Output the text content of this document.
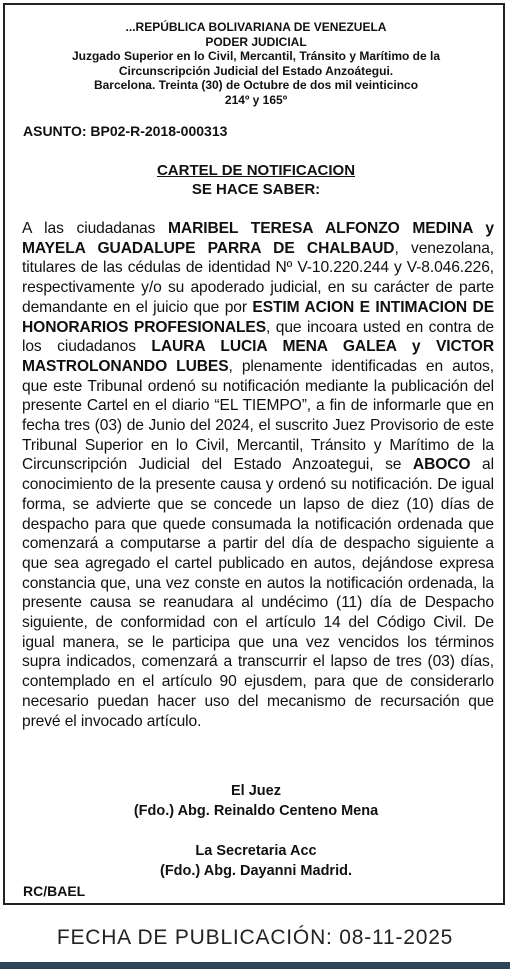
...REPÚBLICA BOLIVARIANA DE VENEZUELA
PODER JUDICIAL
Juzgado Superior en lo Civil, Mercantil, Tránsito y Marítimo de la
Circunscripción Judicial del Estado Anzoátegui.
Barcelona. Treinta (30) de Octubre de dos mil veinticinco
214º y 165º
ASUNTO: BP02-R-2018-000313
CARTEL DE NOTIFICACION
SE HACE SABER:
A las ciudadanas MARIBEL TERESA ALFONZO MEDINA y MAYELA GUADALUPE PARRA DE CHALBAUD, venezolana, titulares de las cédulas de identidad Nº V-10.220.244 y V-8.046.226, respectivamente y/o su apoderado judicial, en su carácter de parte demandante en el juicio que por ESTIM ACION E INTIMACION DE HONORARIOS PROFESIONALES, que incoara usted en contra de los ciudadanos LAURA LUCIA MENA GALEA y VICTOR MASTROLONANDO LUBES, plenamente identificadas en autos, que este Tribunal ordenó su notificación mediante la publicación del presente Cartel en el diario “EL TIEMPO”, a fin de informarle que en fecha tres (03) de Junio del 2024, el suscrito Juez Provisorio de este Tribunal Superior en lo Civil, Mercantil, Tránsito y Marítimo de la Circunscripción Judicial del Estado Anzoategui, se ABOCO al conocimiento de la presente causa y ordenó su notificación. De igual forma, se advierte que se concede un lapso de diez (10) días de despacho para que quede consumada la notificación ordenada que comenzará a computarse a partir del día de despacho siguiente a que sea agregado el cartel publicado en autos, dejándose expresa constancia que, una vez conste en autos la notificación ordenada, la presente causa se reanudara al undécimo (11) día de Despacho siguiente, de conformidad con el artículo 14 del Código Civil. De igual manera, se le participa que una vez vencidos los términos supra indicados, comenzará a transcurrir el lapso de tres (03) días, contemplado en el artículo 90 ejusdem, para que de considerarlo necesario puedan hacer uso del mecanismo de recursación que prevé el invocado artículo.
El Juez
(Fdo.) Abg. Reinaldo Centeno Mena
La Secretaria Acc
(Fdo.) Abg. Dayanni Madrid.
RC/BAEL
FECHA DE PUBLICACIÓN: 08-11-2025
